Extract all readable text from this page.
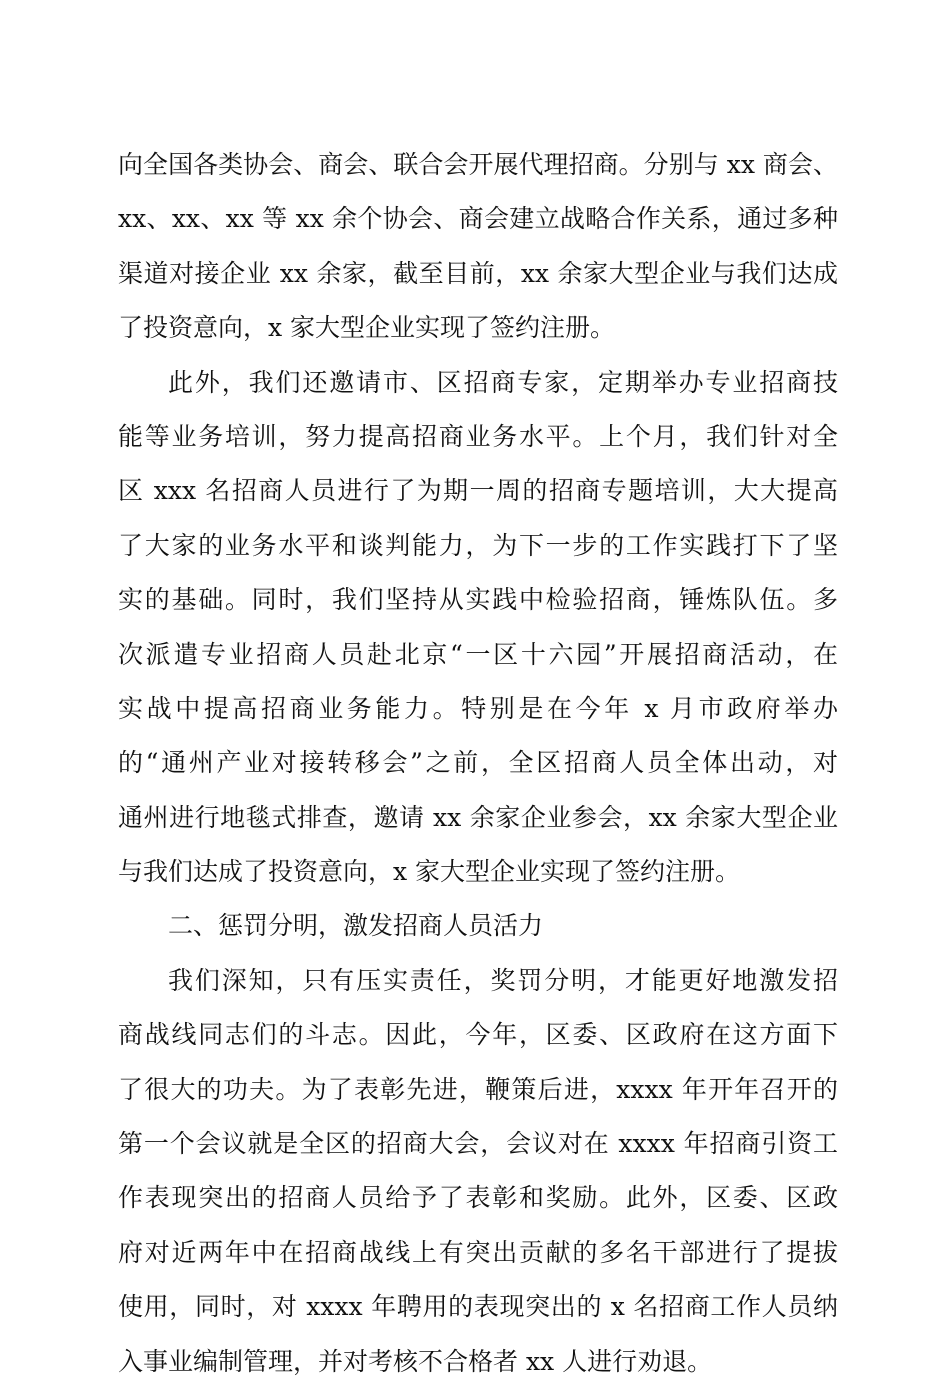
向全国各类协会、商会、联合会开展代理招商。分别与 xx 商会、
xx、xx、xx 等 xx 余个协会、商会建立战略合作关系，通过多种
渠道对接企业 xx 余家，截至目前，xx 余家大型企业与我们达成
了投资意向，x 家大型企业实现了签约注册。
此外，我们还邀请市、区招商专家，定期举办专业招商技
能等业务培训，努力提高招商业务水平。上个月，我们针对全
区 xxx 名招商人员进行了为期一周的招商专题培训，大大提高
了大家的业务水平和谈判能力，为下一步的工作实践打下了坚
实的基础。同时，我们坚持从实践中检验招商，锤炼队伍。多
次派遣专业招商人员赴北京“一区十六园”开展招商活动，在
实战中提高招商业务能力。特别是在今年 x 月市政府举办
的“通州产业对接转移会”之前，全区招商人员全体出动，对
通州进行地毯式排查，邀请 xx 余家企业参会，xx 余家大型企业
与我们达成了投资意向，x 家大型企业实现了签约注册。
二、惩罚分明，激发招商人员活力
我们深知，只有压实责任，奖罚分明，才能更好地激发招
商战线同志们的斗志。因此，今年，区委、区政府在这方面下
了很大的功夫。为了表彰先进，鞭策后进，xxxx 年开年召开的
第一个会议就是全区的招商大会，会议对在 xxxx 年招商引资工
作表现突出的招商人员给予了表彰和奖励。此外，区委、区政
府对近两年中在招商战线上有突出贡献的多名干部进行了提拔
使用，同时，对 xxxx 年聘用的表现突出的 x 名招商工作人员纳
入事业编制管理，并对考核不合格者 xx 人进行劝退。
